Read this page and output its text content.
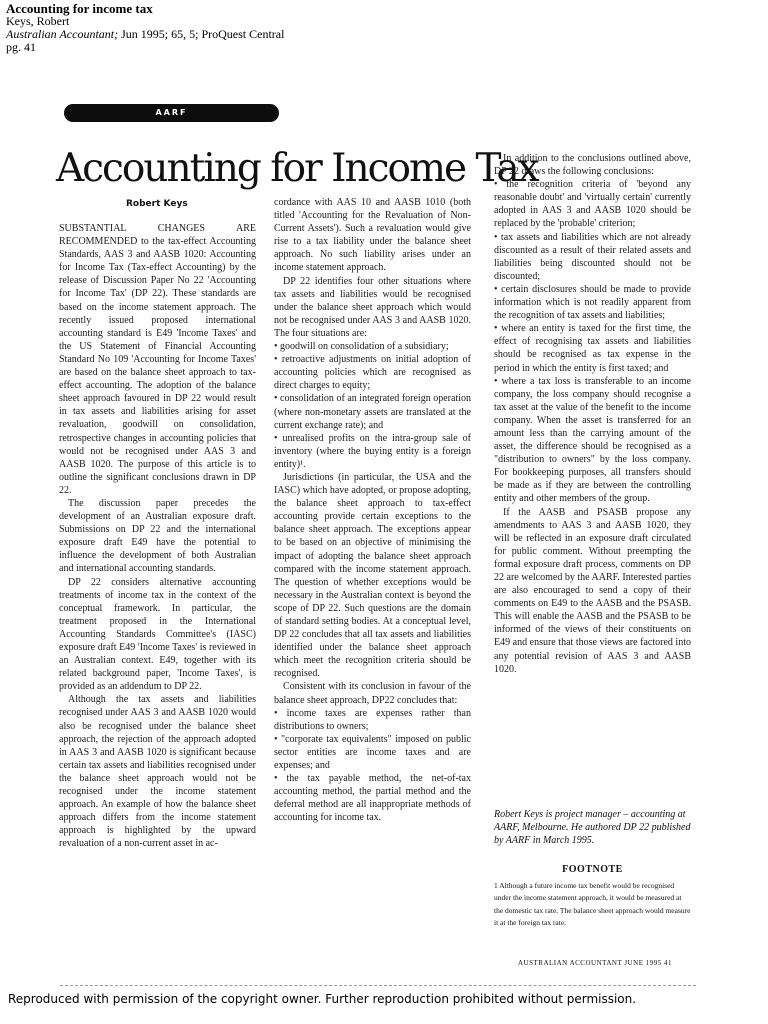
Accounting for income tax
Keys, Robert
Australian Accountant; Jun 1995; 65, 5; ProQuest Central
pg. 41
AARF
Accounting for Income Tax
Robert Keys

SUBSTANTIAL CHANGES ARE RECOMMENDED to the tax-effect Accounting Standards, AAS 3 and AASB 1020: Accounting for Income Tax (Tax-effect Accounting) by the release of Discussion Paper No 22 'Accounting for Income Tax' (DP 22). These standards are based on the income statement approach. The recently issued proposed international accounting standard is E49 'Income Taxes' and the US Statement of Financial Accounting Standard No 109 'Accounting for Income Taxes' are based on the balance sheet approach to tax-effect accounting. The adoption of the balance sheet approach favoured in DP 22 would result in tax assets and liabilities arising for asset revaluation, goodwill on consolidation, retrospective changes in accounting policies that would not be recognised under AAS 3 and AASB 1020. The purpose of this article is to outline the significant conclusions drawn in DP 22.

The discussion paper precedes the development of an Australian exposure draft. Submissions on DP 22 and the international exposure draft E49 have the potential to influence the development of both Australian and international accounting standards.

DP 22 considers alternative accounting treatments of income tax in the context of the conceptual framework. In particular, the treatment proposed in the International Accounting Standards Committee's (IASC) exposure draft E49 'Income Taxes' is reviewed in an Australian context. E49, together with its related background paper, 'Income Taxes', is provided as an addendum to DP 22.

Although the tax assets and liabilities recognised under AAS 3 and AASB 1020 would also be recognised under the balance sheet approach, the rejection of the approach adopted in AAS 3 and AASB 1020 is significant because certain tax assets and liabilities recognised under the balance sheet approach would not be recognised under the income statement approach. An example of how the balance sheet approach differs from the income statement approach is highlighted by the upward revaluation of a non-current asset in ac-

cordance with AAS 10 and AASB 1010 (both titled 'Accounting for the Revaluation of Non-Current Assets'). Such a revaluation would give rise to a tax liability under the balance sheet approach. No such liability arises under an income statement approach.

DP 22 identifies four other situations where tax assets and liabilities would be recognised under the balance sheet approach which would not be recognised under AAS 3 and AASB 1020. The four situations are:

• goodwill on consolidation of a subsidiary;

• retroactive adjustments on initial adoption of accounting policies which are recognised as direct charges to equity;

• consolidation of an integrated foreign operation (where non-monetary assets are translated at the current exchange rate); and

• unrealised profits on the intra-group sale of inventory (where the buying entity is a foreign entity)¹.

Jurisdictions (in particular, the USA and the IASC) which have adopted, or propose adopting, the balance sheet approach to tax-effect accounting provide certain exceptions to the balance sheet approach. The exceptions appear to be based on an objective of minimising the impact of adopting the balance sheet approach compared with the income statement approach. The question of whether exceptions would be necessary in the Australian context is beyond the scope of DP 22. Such questions are the domain of standard setting bodies. At a conceptual level, DP 22 concludes that all tax assets and liabilities identified under the balance sheet approach which meet the recognition criteria should be recognised.

Consistent with its conclusion in favour of the balance sheet approach, DP22 concludes that:

• income taxes are expenses rather than distributions to owners;

• "corporate tax equivalents" imposed on public sector entities are income taxes and are expenses; and

• the tax payable method, the net-of-tax accounting method, the partial method and the deferral method are all inappropriate methods of accounting for income tax.

In addition to the conclusions outlined above, DP 22 draws the following conclusions:

• the recognition criteria of 'beyond any reasonable doubt' and 'virtually certain' currently adopted in AAS 3 and AASB 1020 should be replaced by the 'probable' criterion;

• tax assets and liabilities which are not already discounted as a result of their related assets and liabilities being discounted should not be discounted;

• certain disclosures should be made to provide information which is not readily apparent from the recognition of tax assets and liabilities;

• where an entity is taxed for the first time, the effect of recognising tax assets and liabilities should be recognised as tax expense in the period in which the entity is first taxed; and

• where a tax loss is transferable to an income company, the loss company should recognise a tax asset at the value of the benefit to the income company. When the asset is transferred for an amount less than the carrying amount of the asset, the difference should be recognised as a "distribution to owners" by the loss company. For bookkeeping purposes, all transfers should be made as if they are between the controlling entity and other members of the group.

If the AASB and PSASB propose any amendments to AAS 3 and AASB 1020, they will be reflected in an exposure draft circulated for public comment. Without preempting the formal exposure draft process, comments on DP 22 are welcomed by the AARF. Interested parties are also encouraged to send a copy of their comments on E49 to the AASB and the PSASB. This will enable the AASB and the PSASB to be informed of the views of their constituents on E49 and ensure that those views are factored into any potential revision of AAS 3 and AASB 1020.

Robert Keys is project manager – accounting at AARF, Melbourne. He authored DP 22 published by AARF in March 1995.
FOOTNOTE
1 Although a future income tax benefit would be recognised under the income statement approach, it would be measured at the domestic tax rate. The balance sheet approach would measure it at the foreign tax rate.
AUSTRALIAN ACCOUNTANT JUNE 1995 41
Reproduced with permission of the copyright owner. Further reproduction prohibited without permission.
